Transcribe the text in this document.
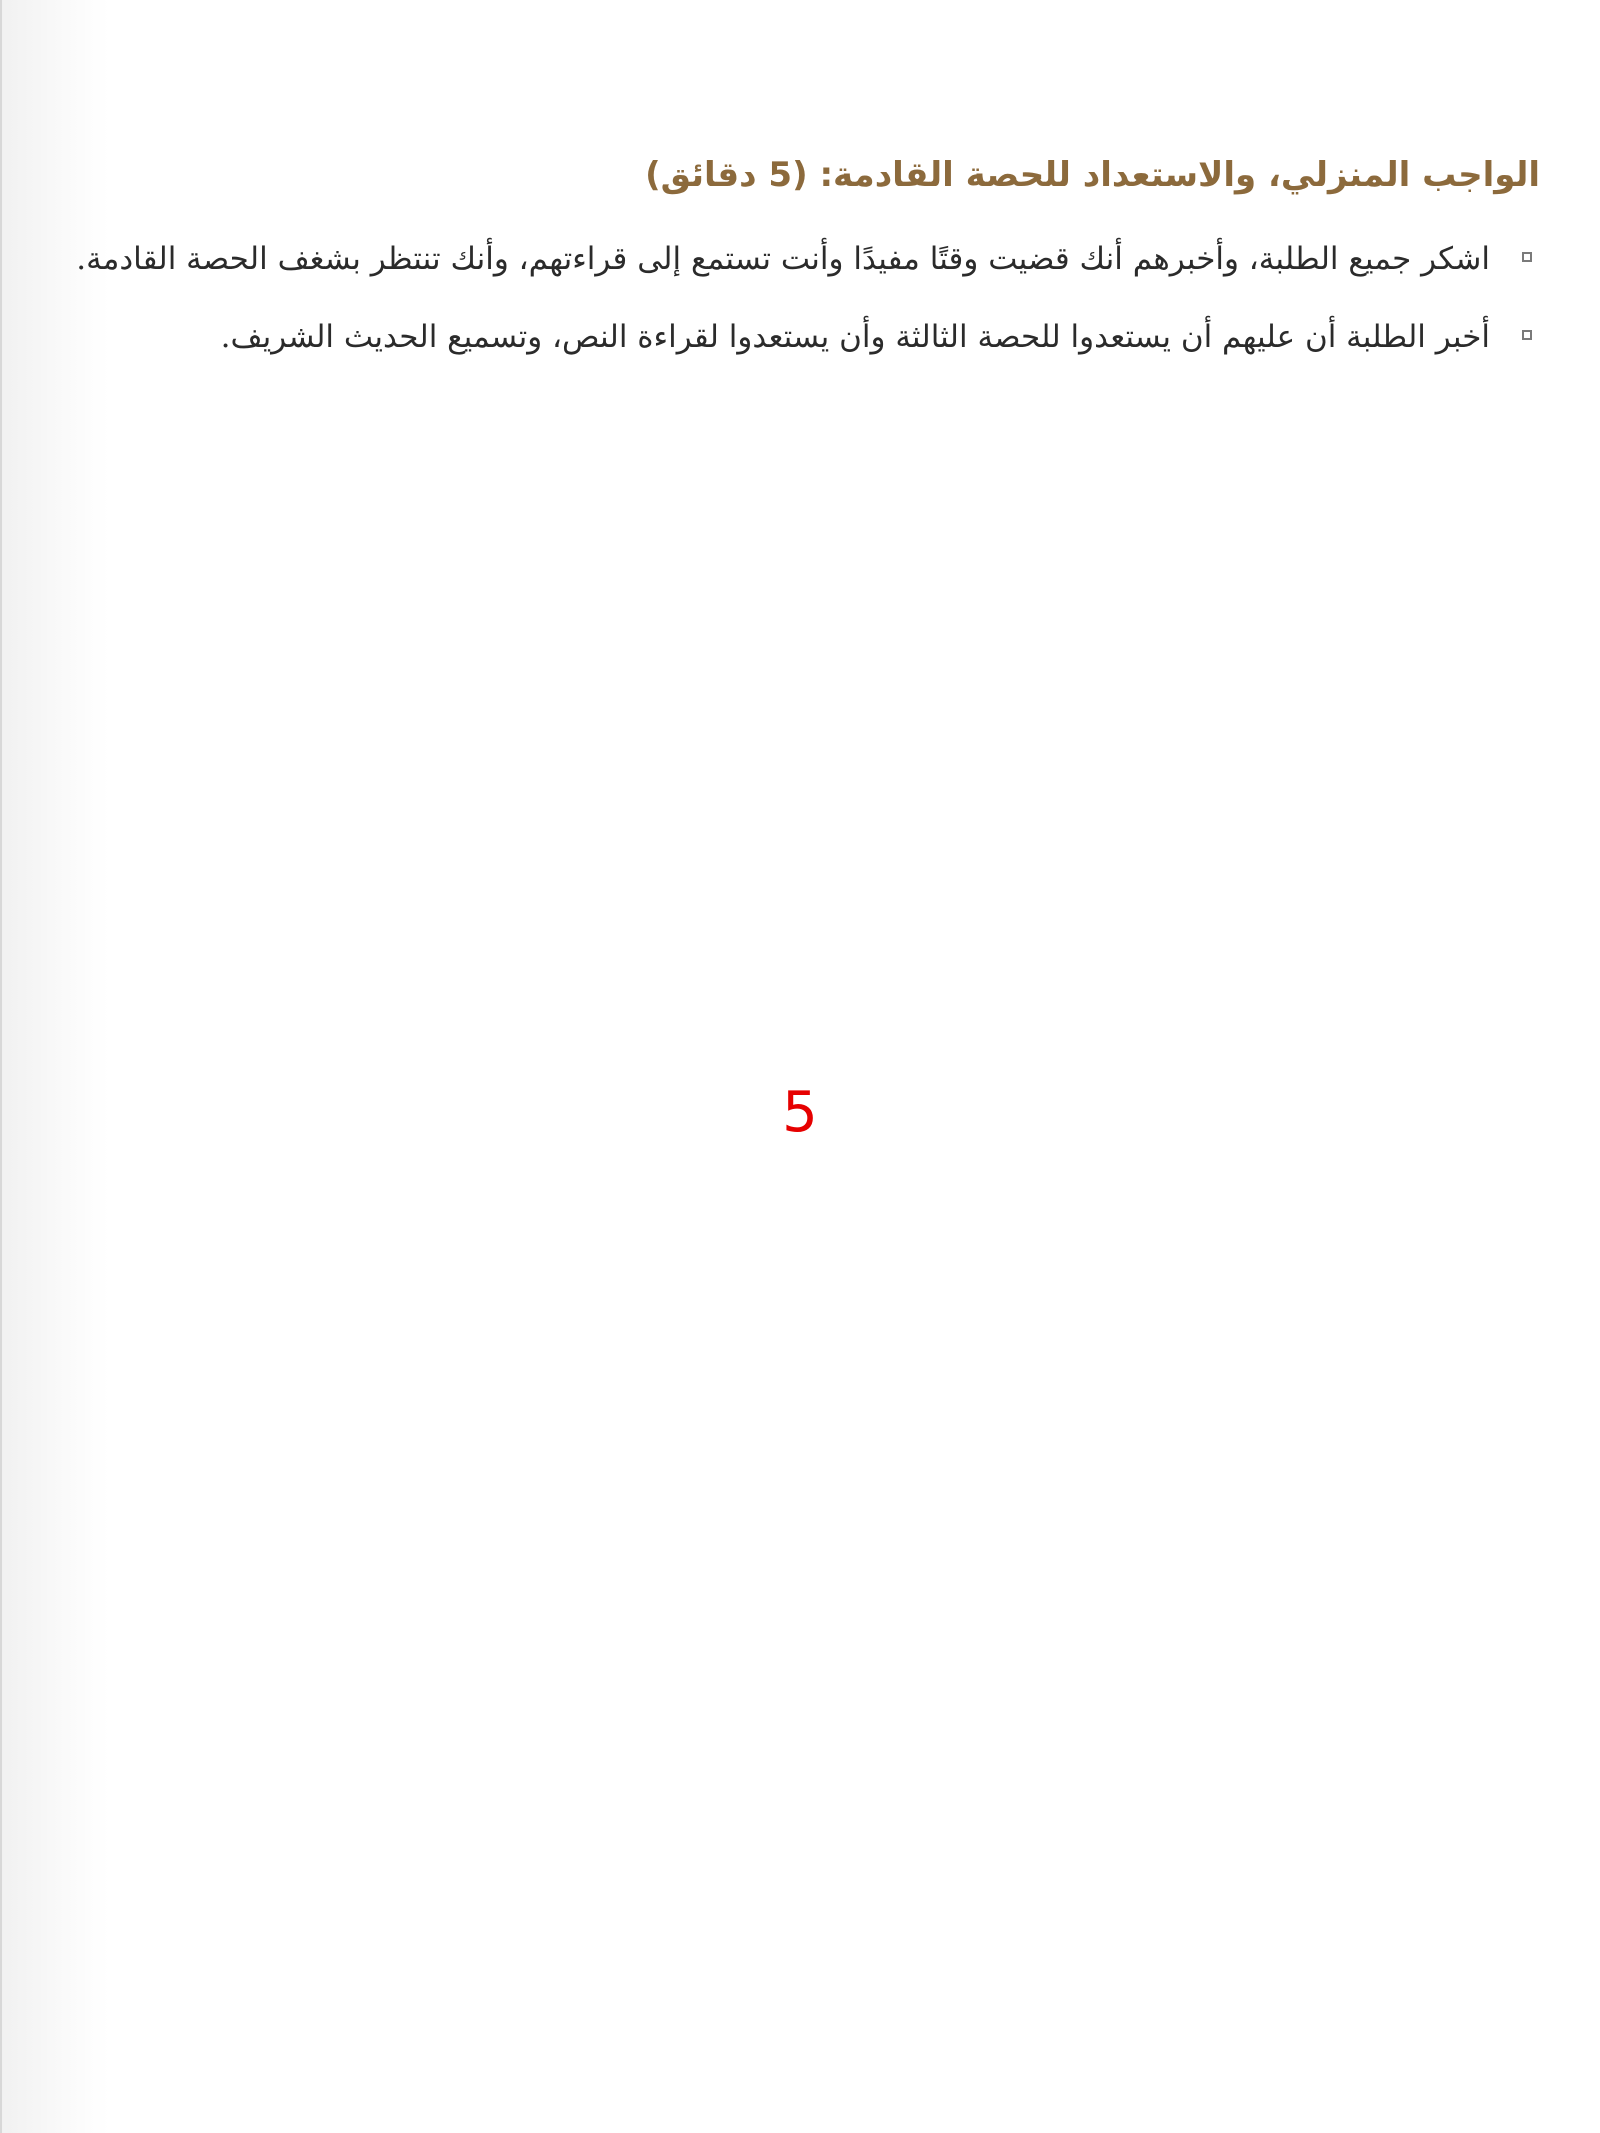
الواجب المنزلي، والاستعداد للحصة القادمة: (5 دقائق)
اشكر جميع الطلبة، وأخبرهم أنك قضيت وقتًا مفيدًا وأنت تستمع إلى قراءتهم، وأنك تنتظر بشغف الحصة القادمة.
أخبر الطلبة أن عليهم أن يستعدوا للحصة الثالثة وأن يستعدوا لقراءة النص، وتسميع الحديث الشريف.
5
